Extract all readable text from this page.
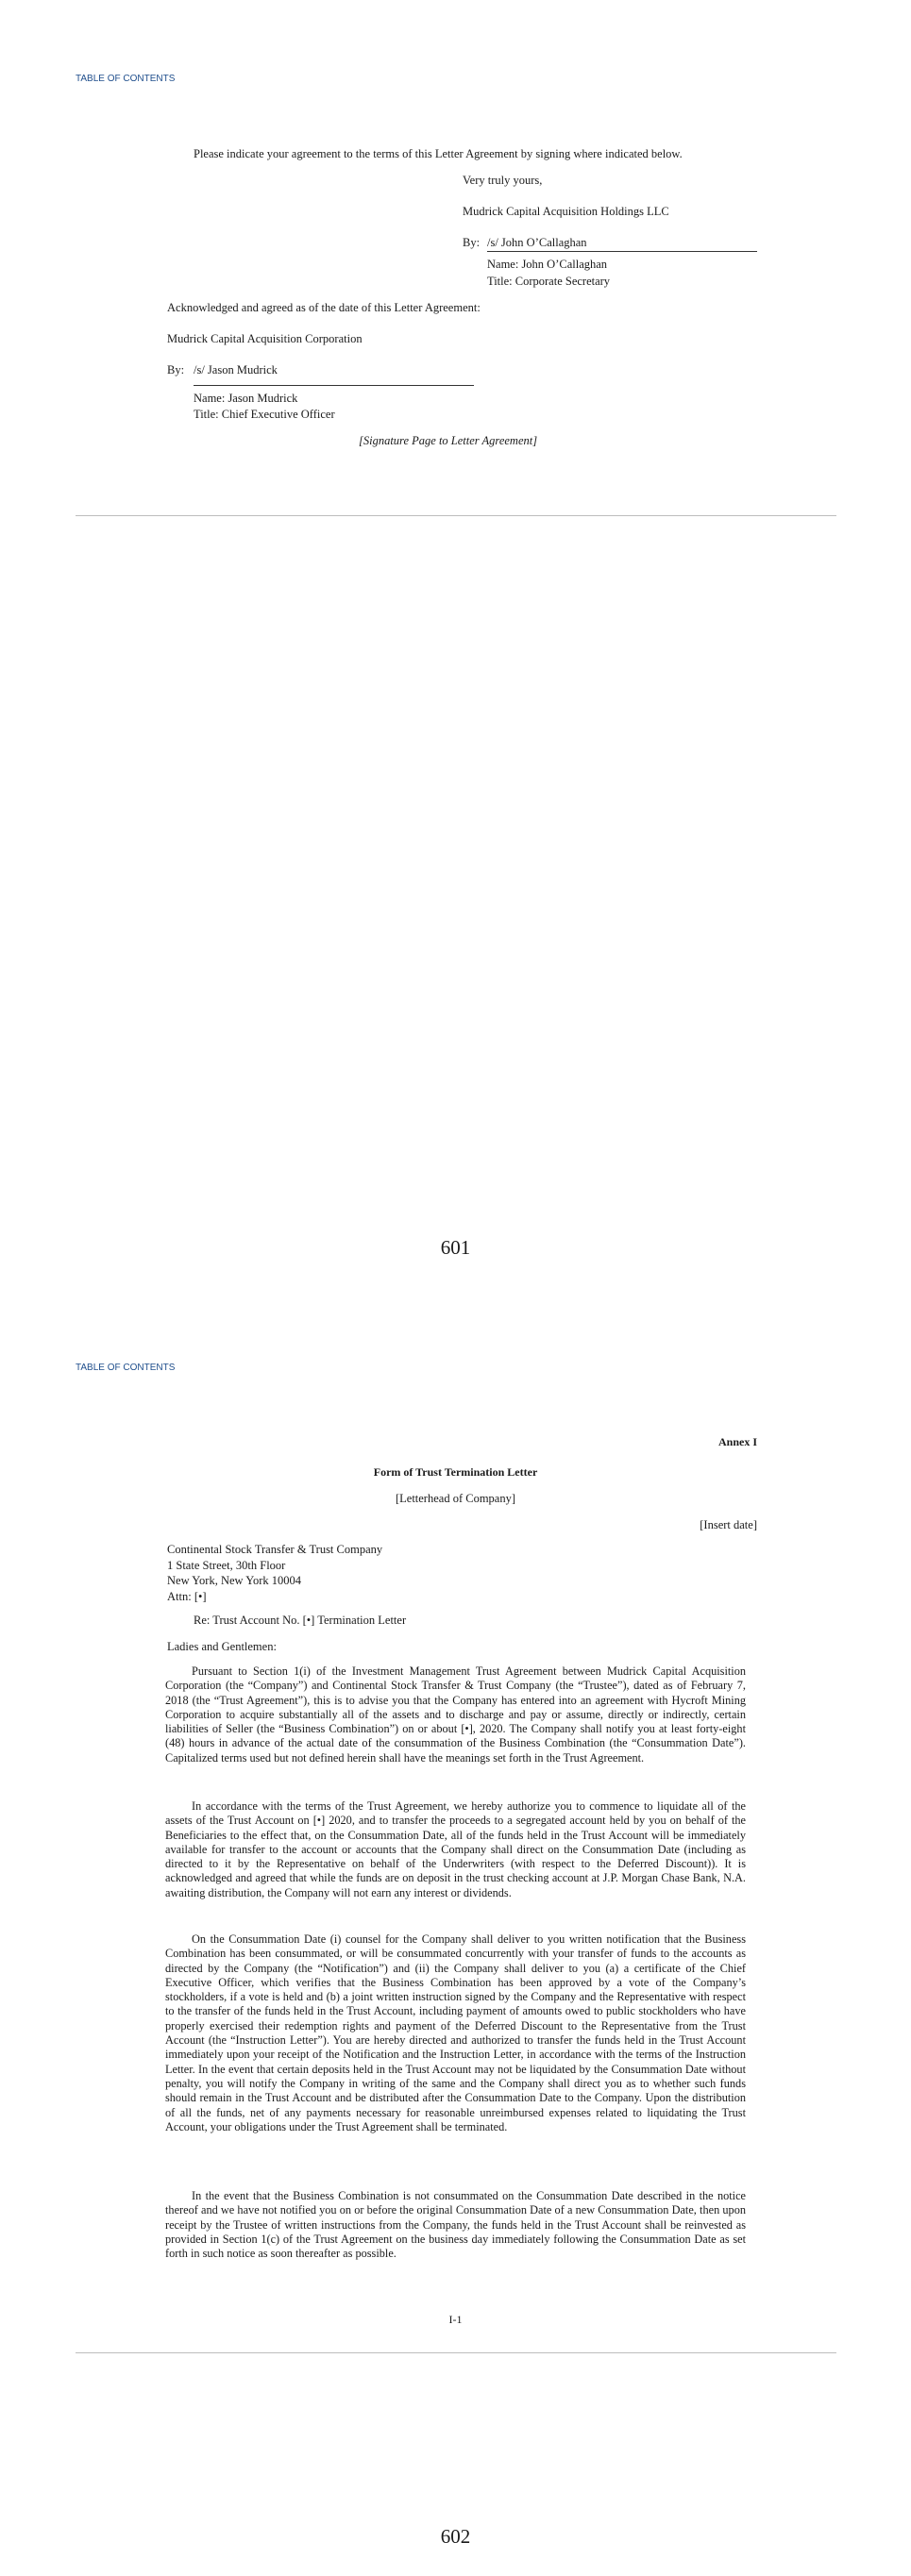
TABLE OF CONTENTS
Please indicate your agreement to the terms of this Letter Agreement by signing where indicated below.
Very truly yours,
Mudrick Capital Acquisition Holdings LLC
By: /s/ John O’Callaghan
Name: John O’Callaghan
Title: Corporate Secretary
Acknowledged and agreed as of the date of this Letter Agreement:
Mudrick Capital Acquisition Corporation
By: /s/ Jason Mudrick
Name: Jason Mudrick
Title: Chief Executive Officer
[Signature Page to Letter Agreement]
601
TABLE OF CONTENTS
Annex I
Form of Trust Termination Letter
[Letterhead of Company]
[Insert date]
Continental Stock Transfer & Trust Company
1 State Street, 30th Floor
New York, New York 10004
Attn: [•]
Re: Trust Account No. [•] Termination Letter
Ladies and Gentlemen:

Pursuant to Section 1(i) of the Investment Management Trust Agreement between Mudrick Capital Acquisition Corporation (the “Company”) and Continental Stock Transfer & Trust Company (the “Trustee”), dated as of February 7, 2018 (the “Trust Agreement”), this is to advise you that the Company has entered into an agreement with Hycroft Mining Corporation to acquire substantially all of the assets and to discharge and pay or assume, directly or indirectly, certain liabilities of Seller (the “Business Combination”) on or about [•], 2020. The Company shall notify you at least forty-eight (48) hours in advance of the actual date of the consummation of the Business Combination (the “Consummation Date”). Capitalized terms used but not defined herein shall have the meanings set forth in the Trust Agreement.

In accordance with the terms of the Trust Agreement, we hereby authorize you to commence to liquidate all of the assets of the Trust Account on [•] 2020, and to transfer the proceeds to a segregated account held by you on behalf of the Beneficiaries to the effect that, on the Consummation Date, all of the funds held in the Trust Account will be immediately available for transfer to the account or accounts that the Company shall direct on the Consummation Date (including as directed to it by the Representative on behalf of the Underwriters (with respect to the Deferred Discount)). It is acknowledged and agreed that while the funds are on deposit in the trust checking account at J.P. Morgan Chase Bank, N.A. awaiting distribution, the Company will not earn any interest or dividends.

On the Consummation Date (i) counsel for the Company shall deliver to you written notification that the Business Combination has been consummated, or will be consummated concurrently with your transfer of funds to the accounts as directed by the Company (the “Notification”) and (ii) the Company shall deliver to you (a) a certificate of the Chief Executive Officer, which verifies that the Business Combination has been approved by a vote of the Company’s stockholders, if a vote is held and (b) a joint written instruction signed by the Company and the Representative with respect to the transfer of the funds held in the Trust Account, including payment of amounts owed to public stockholders who have properly exercised their redemption rights and payment of the Deferred Discount to the Representative from the Trust Account (the “Instruction Letter”). You are hereby directed and authorized to transfer the funds held in the Trust Account immediately upon your receipt of the Notification and the Instruction Letter, in accordance with the terms of the Instruction Letter. In the event that certain deposits held in the Trust Account may not be liquidated by the Consummation Date without penalty, you will notify the Company in writing of the same and the Company shall direct you as to whether such funds should remain in the Trust Account and be distributed after the Consummation Date to the Company. Upon the distribution of all the funds, net of any payments necessary for reasonable unreimbursed expenses related to liquidating the Trust Account, your obligations under the Trust Agreement shall be terminated.

In the event that the Business Combination is not consummated on the Consummation Date described in the notice thereof and we have not notified you on or before the original Consummation Date of a new Consummation Date, then upon receipt by the Trustee of written instructions from the Company, the funds held in the Trust Account shall be reinvested as provided in Section 1(c) of the Trust Agreement on the business day immediately following the Consummation Date as set forth in such notice as soon thereafter as possible.

I-1
602
